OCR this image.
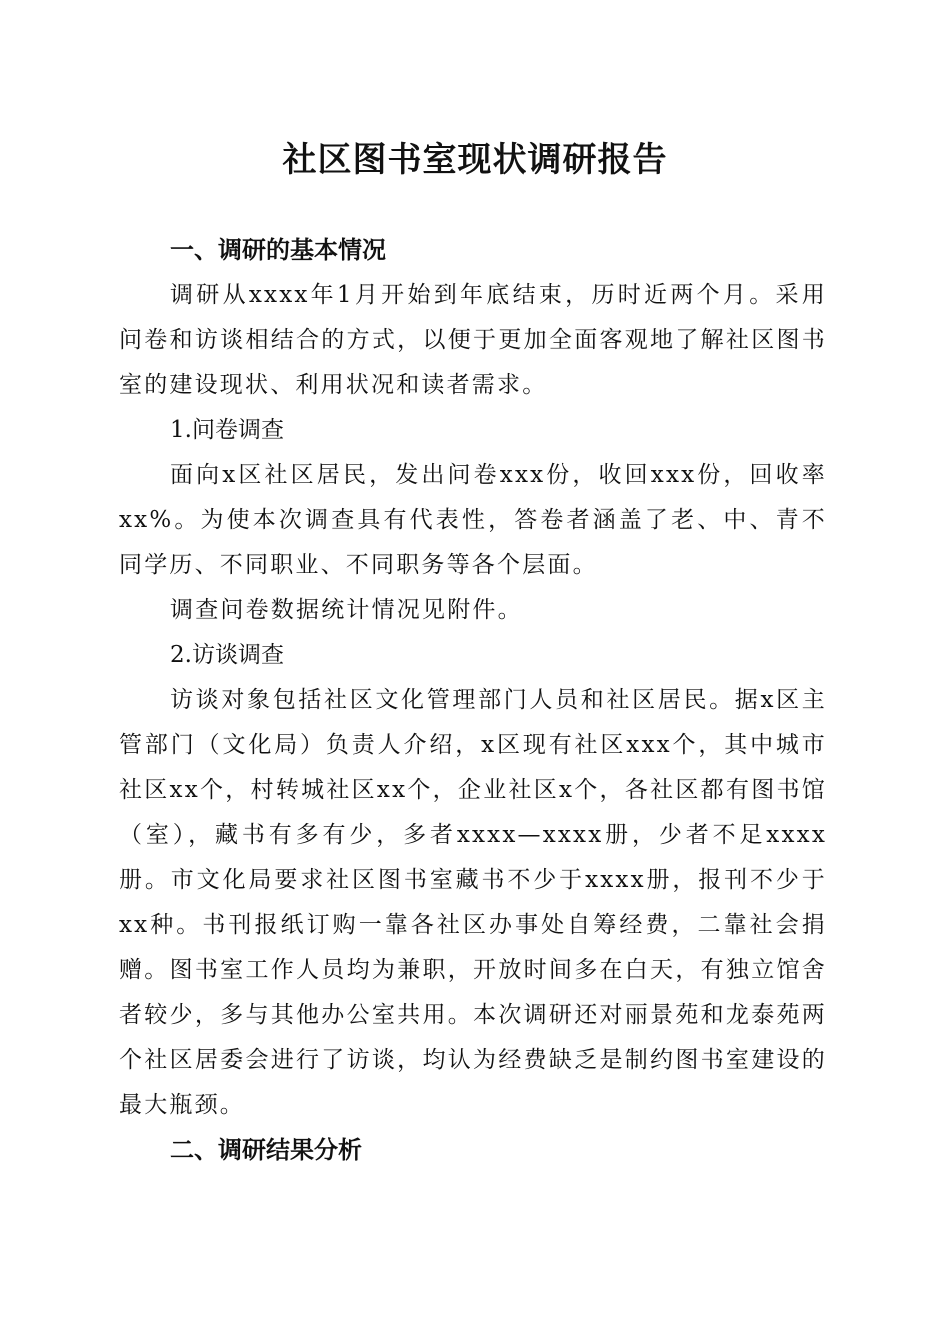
社区图书室现状调研报告

一、调研的基本情况

调研从xxxx年1月开始到年底结束，历时近两个月。采用问卷和访谈相结合的方式，以便于更加全面客观地了解社区图书室的建设现状、利用状况和读者需求。

1.问卷调查

面向x区社区居民，发出问卷xxx份，收回xxx份，回收率xx%。为使本次调查具有代表性，答卷者涵盖了老、中、青不同学历、不同职业、不同职务等各个层面。

调查问卷数据统计情况见附件。

2.访谈调查

访谈对象包括社区文化管理部门人员和社区居民。据x区主管部门（文化局）负责人介绍，x区现有社区xxx个，其中城市社区xx个，村转城社区xx个，企业社区x个，各社区都有图书馆（室），藏书有多有少，多者xxxx—xxxx册，少者不足xxxx册。市文化局要求社区图书室藏书不少于xxxx册，报刊不少于xx种。书刊报纸订购一靠各社区办事处自筹经费，二靠社会捐赠。图书室工作人员均为兼职，开放时间多在白天，有独立馆舍者较少，多与其他办公室共用。本次调研还对丽景苑和龙泰苑两个社区居委会进行了访谈，均认为经费缺乏是制约图书室建设的最大瓶颈。

二、调研结果分析
